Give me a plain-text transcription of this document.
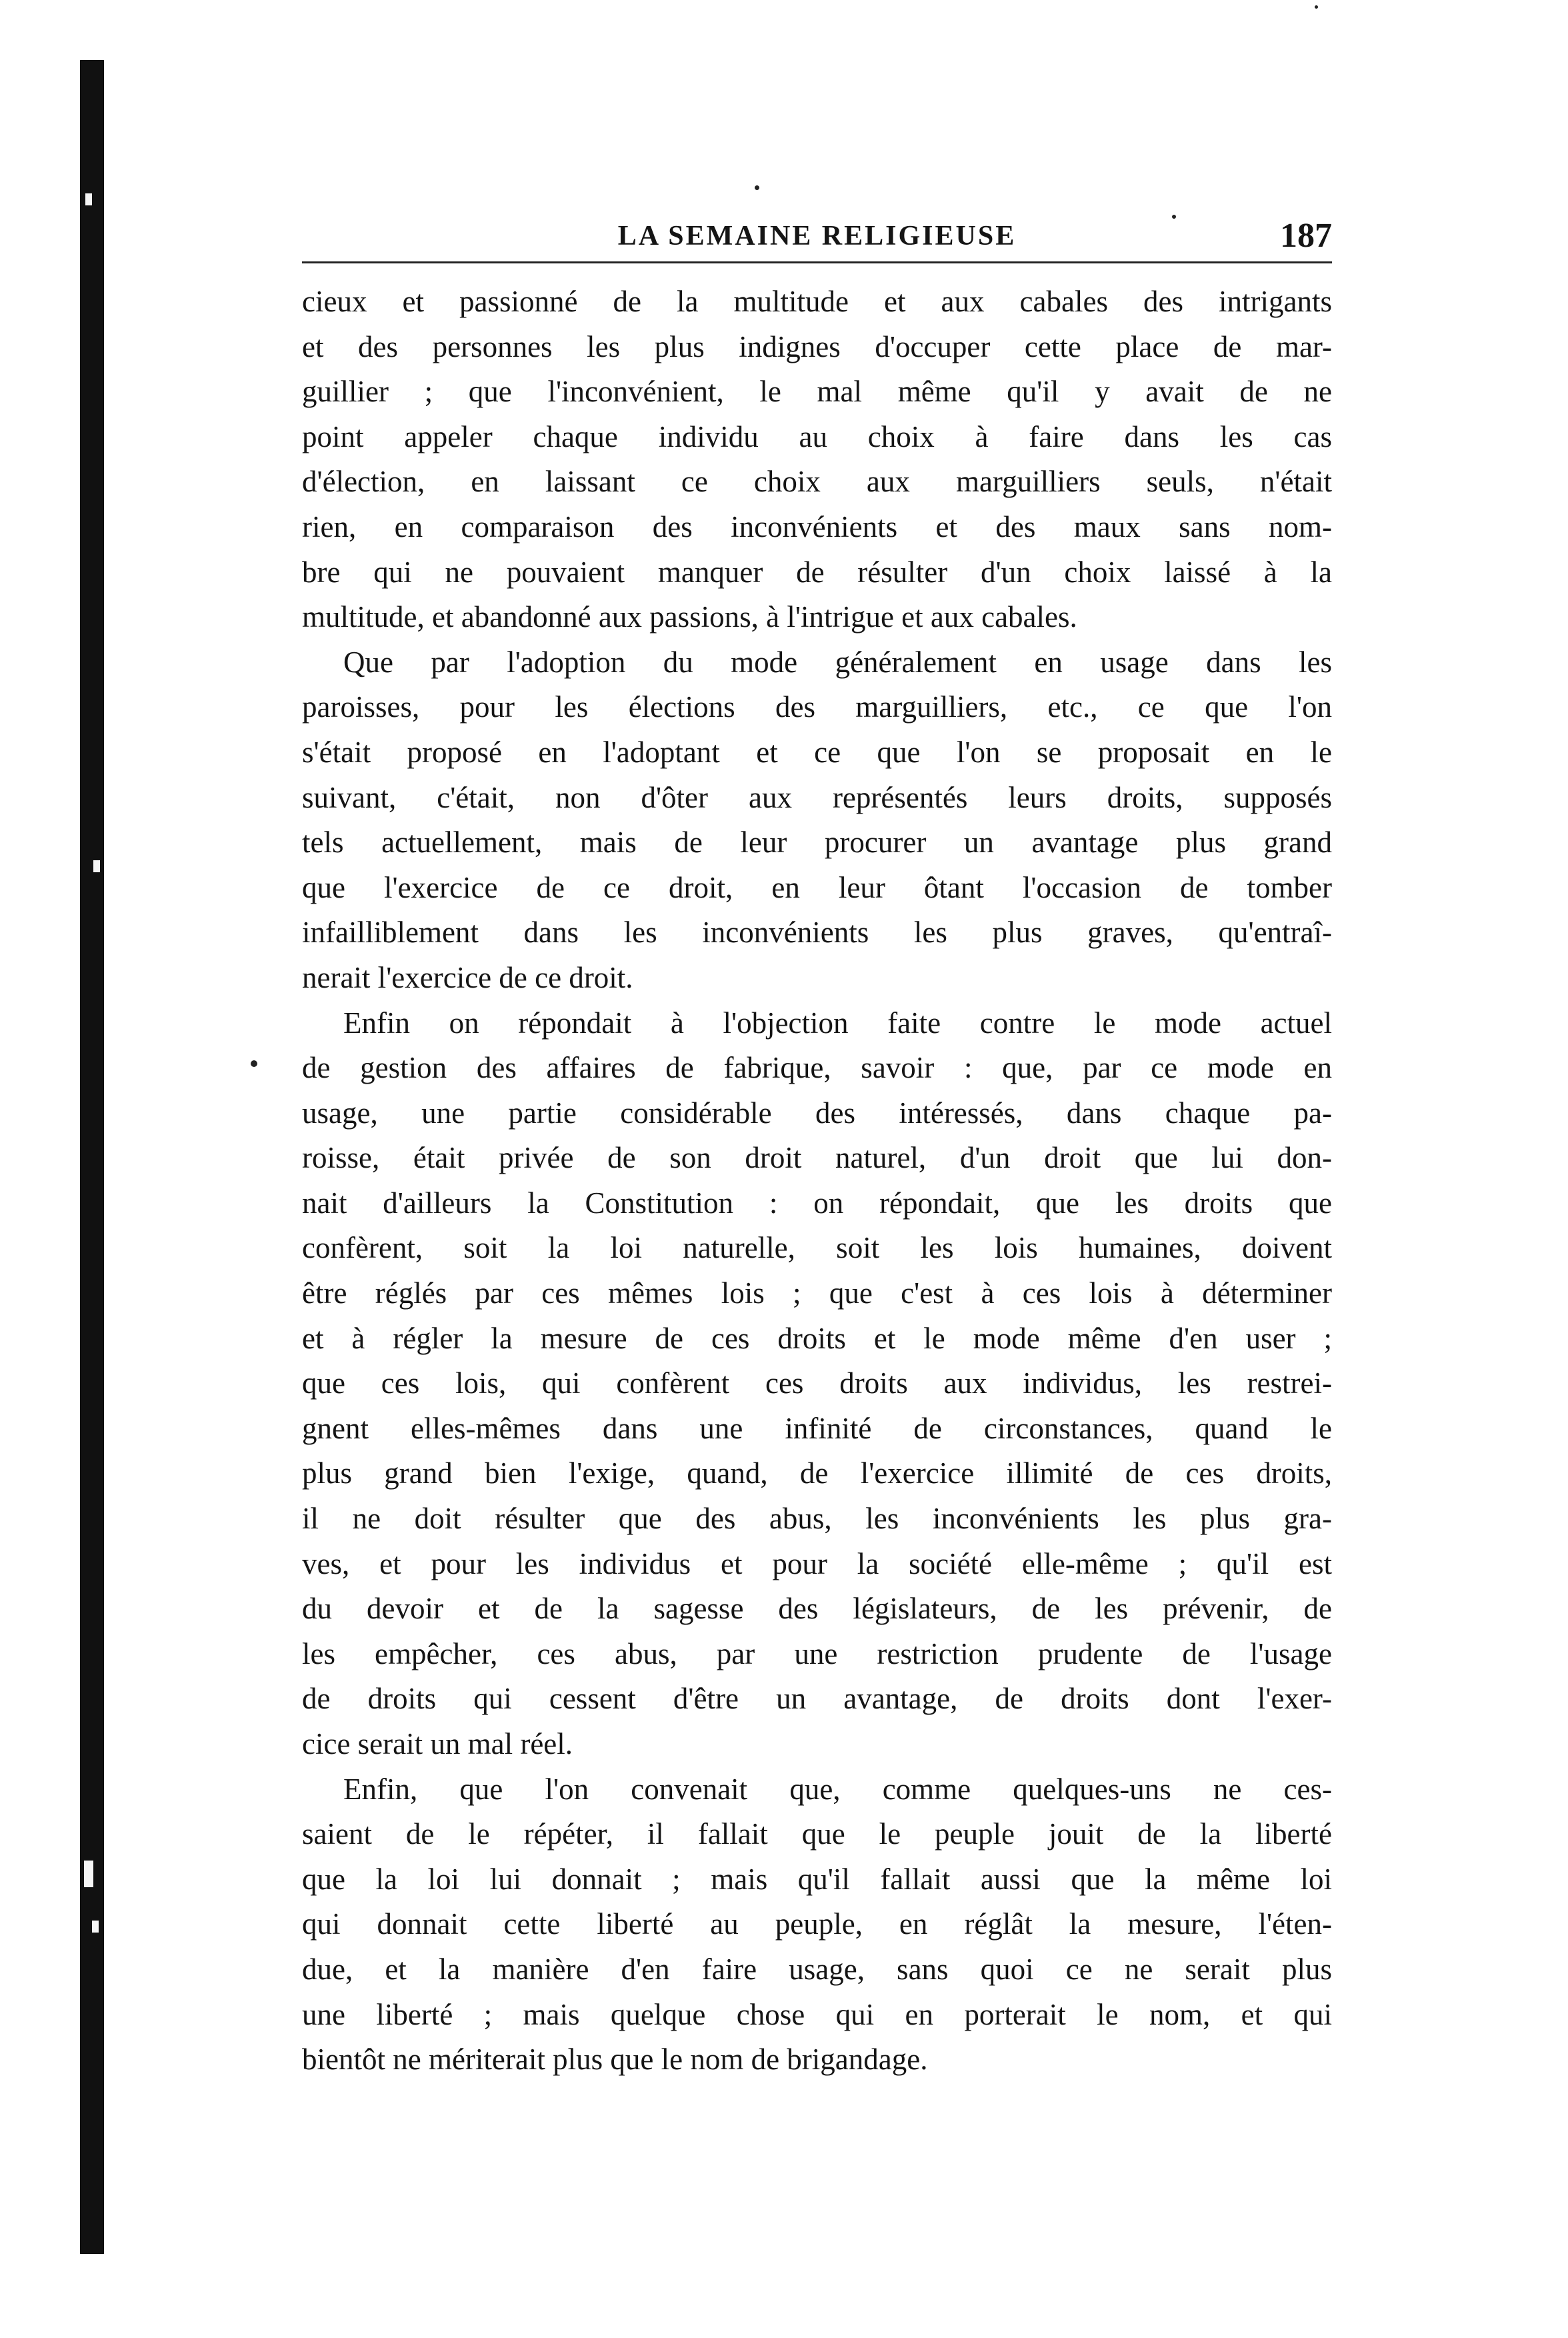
LA SEMAINE RELIGIEUSE	187

cieux et passionné de la multitude et aux cabales des intrigants
et des personnes les plus indignes d'occuper cette place de mar-
guillier ; que l'inconvénient, le mal même qu'il y avait de ne
point appeler chaque individu au choix à faire dans les cas
d'élection, en laissant ce choix aux marguilliers seuls, n'était
rien, en comparaison des inconvénients et des maux sans nom-
bre qui ne pouvaient manquer de résulter d'un choix laissé à la
multitude, et abandonné aux passions, à l'intrigue et aux cabales.

Que par l'adoption du mode généralement en usage dans les
paroisses, pour les élections des marguilliers, etc., ce que l'on
s'était proposé en l'adoptant et ce que l'on se proposait en le
suivant, c'était, non d'ôter aux représentés leurs droits, supposés
tels actuellement, mais de leur procurer un avantage plus grand
que l'exercice de ce droit, en leur ôtant l'occasion de tomber
infailliblement dans les inconvénients les plus graves, qu'entraî-
nerait l'exercice de ce droit.

Enfin on répondait à l'objection faite contre le mode actuel
de gestion des affaires de fabrique, savoir : que, par ce mode en
usage, une partie considérable des intéressés, dans chaque pa-
roisse, était privée de son droit naturel, d'un droit que lui don-
nait d'ailleurs la Constitution : on répondait, que les droits que
confèrent, soit la loi naturelle, soit les lois humaines, doivent
être réglés par ces mêmes lois ; que c'est à ces lois à déterminer
et à régler la mesure de ces droits et le mode même d'en user ;
que ces lois, qui confèrent ces droits aux individus, les restrei-
gnent elles-mêmes dans une infinité de circonstances, quand le
plus grand bien l'exige, quand, de l'exercice illimité de ces droits,
il ne doit résulter que des abus, les inconvénients les plus gra-
ves, et pour les individus et pour la société elle-même ; qu'il est
du devoir et de la sagesse des législateurs, de les prévenir, de
les empêcher, ces abus, par une restriction prudente de l'usage
de droits qui cessent d'être un avantage, de droits dont l'exer-
cice serait un mal réel.

Enfin, que l'on convenait que, comme quelques-uns ne ces-
saient de le répéter, il fallait que le peuple jouit de la liberté
que la loi lui donnait ; mais qu'il fallait aussi que la même loi
qui donnait cette liberté au peuple, en réglât la mesure, l'éten-
due, et la manière d'en faire usage, sans quoi ce ne serait plus
une liberté ; mais quelque chose qui en porterait le nom, et qui
bientôt ne mériterait plus que le nom de brigandage.
